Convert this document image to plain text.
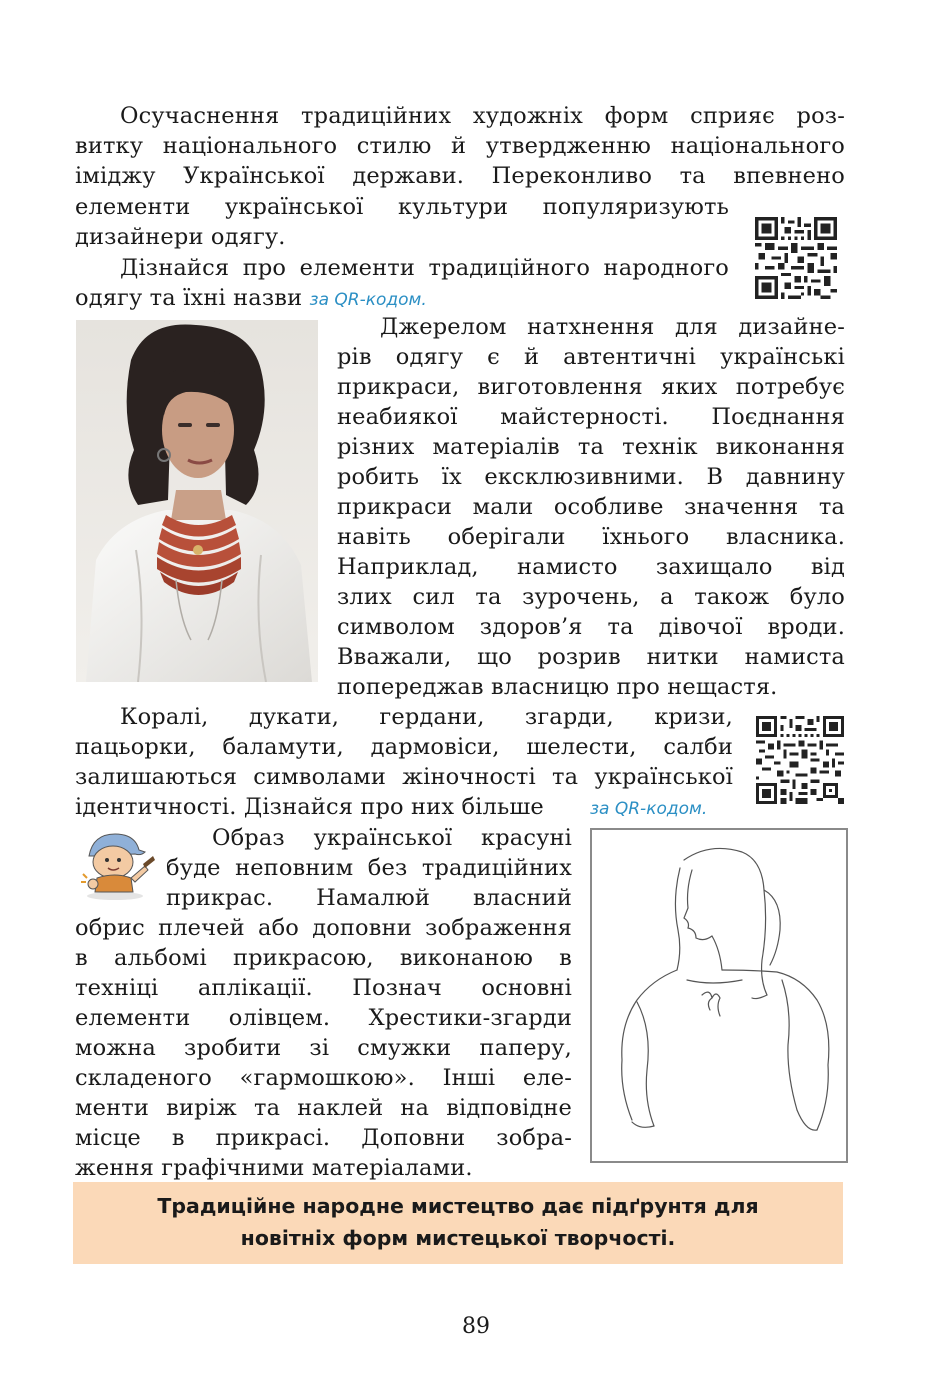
Осучаснення традиційних художніх форм сприяє роз-
витку національного стилю й утвердженню національного
іміджу Української держави. Переконливо та впевнено
елементи української культури популяризують
дизайнери одягу.
Дізнайся про елементи традиційного народного
одягу та їхні назви за QR-кодом.
Джерелом натхнення для дизайне-
рів одягу є й автентичні українські
прикраси, виготовлення яких потребує
неабиякої майстерності. Поєднання
різних матеріалів та технік виконання
робить їх ексклюзивними. В давнину
прикраси мали особливе значення та
навіть оберігали їхнього власника.
Наприклад, намисто захищало від
злих сил та зурочень, а також було
символом здоров’я та дівочої вроди.
Вважали, що розрив нитки намиста
попереджав власницю про нещастя.
Коралі, дукати, гердани, згарди, кризи,
пацьорки, баламути, дармовіси, шелести, салби
залишаються символами жіночності та української
ідентичності. Дізнайся про них більше	за QR-кодом.
Образ української красуні
буде неповним без традиційних
прикрас. Намалюй власний
обрис плечей або доповни зображення
в альбомі прикрасою, виконаною в
техніці аплікації. Познач основні
елементи олівцем. Хрестики-згарди
можна зробити зі смужки паперу,
складеного «гармошкою». Інші еле-
менти виріж та наклей на відповідне
місце в прикрасі. Доповни зобра-
ження графічними матеріалами.
Традиційне народне мистецтво дає підґрунтя для
новітніх форм мистецької творчості.
89
